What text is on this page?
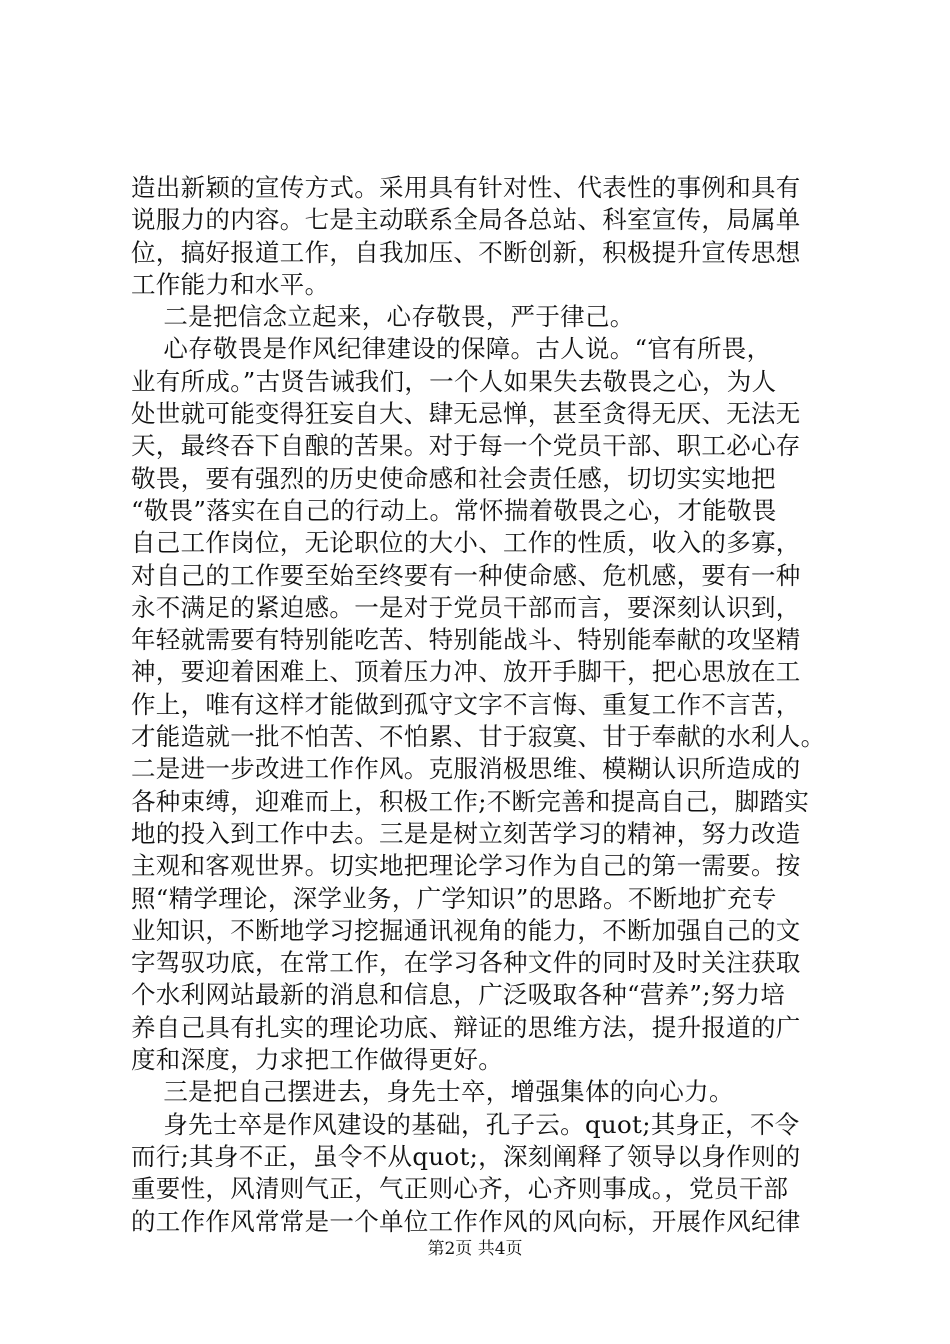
造出新颖的宣传方式。采用具有针对性、代表性的事例和具有
说服力的内容。七是主动联系全局各总站、科室宣传，局属单
位，搞好报道工作，自我加压、不断创新，积极提升宣传思想
工作能力和水平。
二是把信念立起来，心存敬畏，严于律己。
心存敬畏是作风纪律建设的保障。古人说。“官有所畏，
业有所成。”古贤告诫我们，一个人如果失去敬畏之心，为人
处世就可能变得狂妄自大、肆无忌惮，甚至贪得无厌、无法无
天，最终吞下自酿的苦果。对于每一个党员干部、职工必心存
敬畏，要有强烈的历史使命感和社会责任感，切切实实地把
“敬畏”落实在自己的行动上。常怀揣着敬畏之心，才能敬畏
自己工作岗位，无论职位的大小、工作的性质，收入的多寡，
对自己的工作要至始至终要有一种使命感、危机感，要有一种
永不满足的紧迫感。一是对于党员干部而言，要深刻认识到，
年轻就需要有特别能吃苦、特别能战斗、特别能奉献的攻坚精
神，要迎着困难上、顶着压力冲、放开手脚干，把心思放在工
作上，唯有这样才能做到孤守文字不言悔、重复工作不言苦，
才能造就一批不怕苦、不怕累、甘于寂寞、甘于奉献的水利人。
二是进一步改进工作作风。克服消极思维、模糊认识所造成的
各种束缚，迎难而上，积极工作;不断完善和提高自己，脚踏实
地的投入到工作中去。三是是树立刻苦学习的精神，努力改造
主观和客观世界。切实地把理论学习作为自己的第一需要。按
照“精学理论，深学业务，广学知识”的思路。不断地扩充专
业知识，不断地学习挖掘通讯视角的能力，不断加强自己的文
字驾驭功底，在常工作，在学习各种文件的同时及时关注获取
个水利网站最新的消息和信息，广泛吸取各种“营养”;努力培
养自己具有扎实的理论功底、辩证的思维方法，提升报道的广
度和深度，力求把工作做得更好。
三是把自己摆进去，身先士卒，增强集体的向心力。
身先士卒是作风建设的基础，孔子云。quot;其身正，不令
而行;其身不正，虽令不从quot;，深刻阐释了领导以身作则的
重要性，风清则气正，气正则心齐，心齐则事成。，党员干部
的工作作风常常是一个单位工作作风的风向标，开展作风纪律
第2页 共4页
